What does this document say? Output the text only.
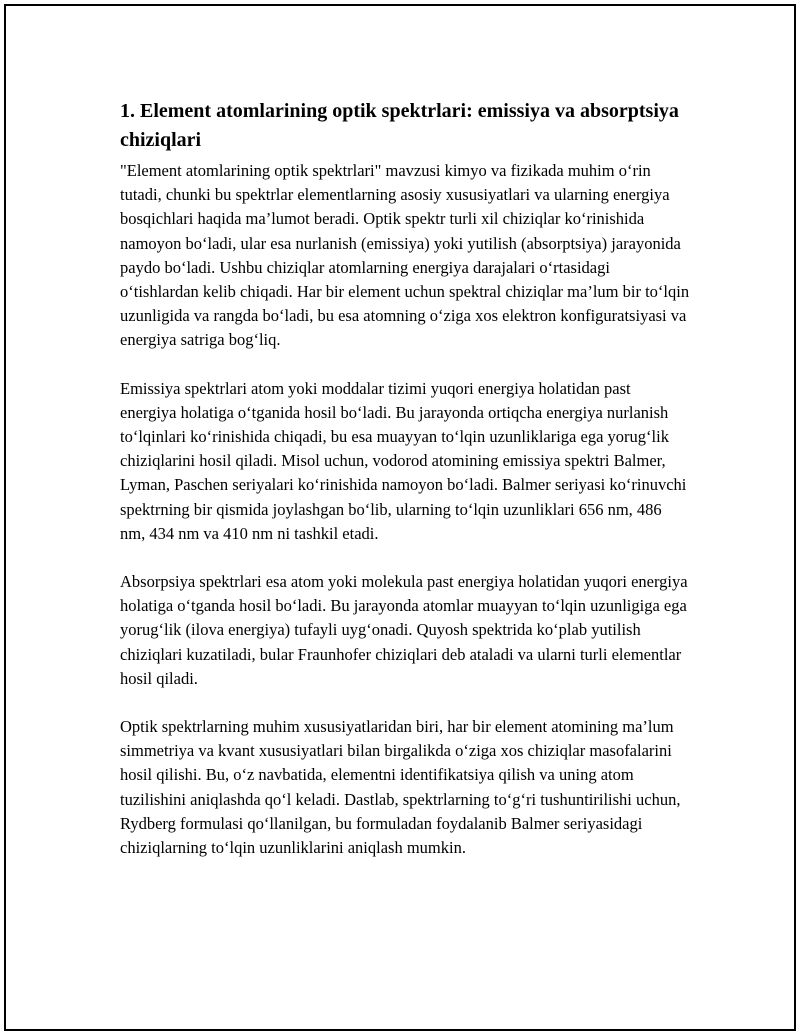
1. Element atomlarining optik spektrlari: emissiya va absorptsiya chiziqlari

"Element atomlarining optik spektrlari" mavzusi kimyo va fizikada muhim o‘rin tutadi, chunki bu spektrlar elementlarning asosiy xususiyatlari va ularning energiya bosqichlari haqida ma’lumot beradi. Optik spektr turli xil chiziqlar ko‘rinishida namoyon bo‘ladi, ular esa nurlanish (emissiya) yoki yutilish (absorptsiya) jarayonida paydo bo‘ladi. Ushbu chiziqlar atomlarning energiya darajalari o‘rtasidagi o‘tishlardan kelib chiqadi. Har bir element uchun spektral chiziqlar ma’lum bir to‘lqin uzunligida va rangda bo‘ladi, bu esa atomning o‘ziga xos elektron konfiguratsiyasi va energiya satriga bog‘liq.

Emissiya spektrlari atom yoki moddalar tizimi yuqori energiya holatidan past energiya holatiga o‘tganida hosil bo‘ladi. Bu jarayonda ortiqcha energiya nurlanish to‘lqinlari ko‘rinishida chiqadi, bu esa muayyan to‘lqin uzunliklariga ega yorug‘lik chiziqlarini hosil qiladi. Misol uchun, vodorod atomining emissiya spektri Balmer, Lyman, Paschen seriyalari ko‘rinishida namoyon bo‘ladi. Balmer seriyasi ko‘rinuvchi spektrning bir qismida joylashgan bo‘lib, ularning to‘lqin uzunliklari 656 nm, 486 nm, 434 nm va 410 nm ni tashkil etadi.

Absorpsiya spektrlari esa atom yoki molekula past energiya holatidan yuqori energiya holatiga o‘tganda hosil bo‘ladi. Bu jarayonda atomlar muayyan to‘lqin uzunligiga ega yorug‘lik (ilova energiya) tufayli uyg‘onadi. Quyosh spektrida ko‘plab yutilish chiziqlari kuzatiladi, bular Fraunhofer chiziqlari deb ataladi va ularni turli elementlar hosil qiladi.

Optik spektrlarning muhim xususiyatlaridan biri, har bir element atomining ma’lum simmetriya va kvant xususiyatlari bilan birgalikda o‘ziga xos chiziqlar masofalarini hosil qilishi. Bu, o‘z navbatida, elementni identifikatsiya qilish va uning atom tuzilishini aniqlashda qo‘l keladi. Dastlab, spektrlarning to‘g‘ri tushuntirilishi uchun, Rydberg formulasi qo‘llanilgan, bu formuladan foydalanib Balmer seriyasidagi chiziqlarning to‘lqin uzunliklarini aniqlash mumkin.
